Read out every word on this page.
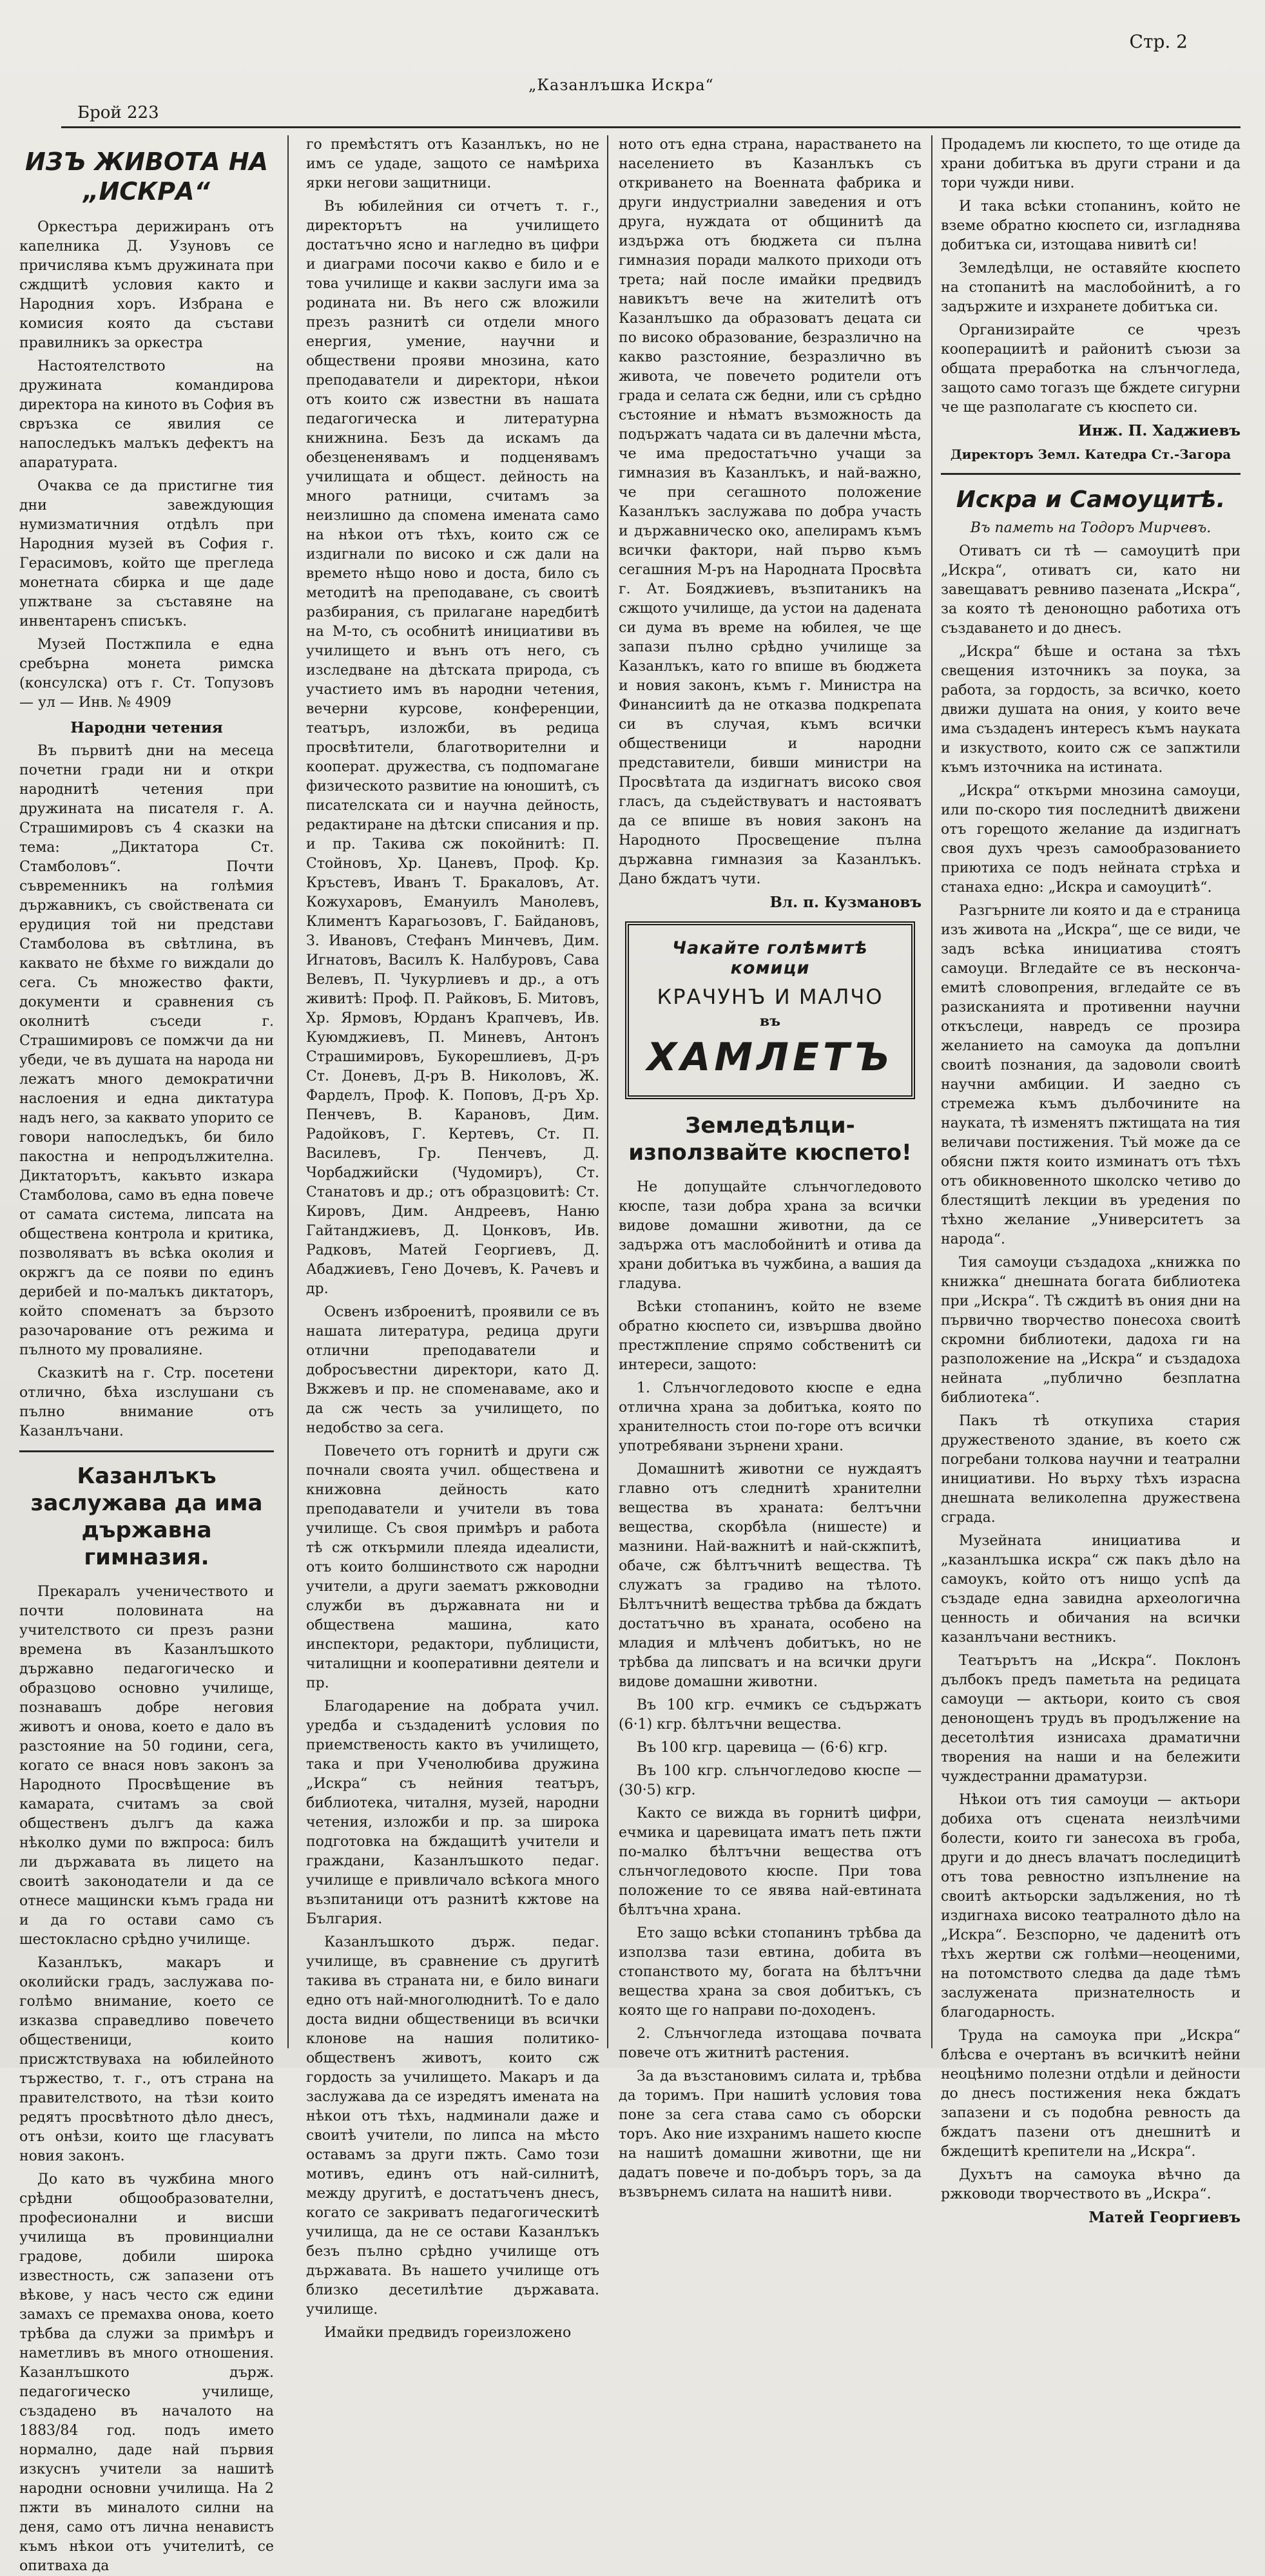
Брой 223
„Казанлъшка Искра“
Стр. 2
ИЗЪ ЖИВОТА НА
„ИСКРА“

Оркестъра дерижиранъ отъ капелника Д. Узуновъ се причислява къмъ дружината при сждщитѣ условия както и Народния хоръ. Избрана е комисия която да състави правилникъ за оркестра

Настоятелството на дружината командирова директора на киното въ София въ свръзка се явилия се напоследъкъ малъкъ дефектъ на апаратурата.

Очаква се да пристигне тия дни завеждующия нумизматичния отдѣлъ при Народния музей въ София г. Герасимовъ, който ще прегледа монетната сбирка и ще даде упжтване за съставяне на инвентаренъ списъкъ.

Музей Постжпила е една сребърна монета римска (консулска) отъ г. Ст. Топузовъ — ул — Инв. № 4909

Народни четения

Въ първитѣ дни на месеца почетни гради ни и откри народнитѣ четения при дружината на писателя г. А. Страшимировъ съ 4 сказки на тема: „Диктатора Ст. Стамболовъ“. Почти съвременникъ на голѣмия държавникъ, съ свойствената си ерудиция той ни представи Стамболова въ свѣтлина, въ каквато не бѣхме го виждали до сега. Съ множество факти, документи и сравнения съ околнитѣ съседи г. Страшимировъ се помжчи да ни убеди, че въ душата на народа ни лежатъ много демократични наслоения и една диктатура надъ него, за каквато упорито се говори напоследъкъ, би било пакостна и непродължителна. Диктаторътъ, какъвто изкара Стамболова, само въ една повече от самата система, липсата на обществена контрола и критика, позволяватъ въ всѣка околия и окржгъ да се появи по единъ дерибей и по-малъкъ диктаторъ, който споменатъ за бързото разочарование отъ режима и пълното му провалияне.

Сказкитѣ на г. Стр. посетени отлично, бѣха изслушани съ пълно внимание отъ Казанлъчани.

Казанлъкъ заслужава да има държавна гимназия.

Прекаралъ ученичеството и почти половината на учителството си презъ разни времена въ Казанлъшкото държавно педагогическо и образцово основно училище, познавашъ добре неговия животъ и онова, което е дало въ разстояние на 50 години, сега, когато се внася новъ законъ за Народното Просвѣщение въ камарата, считамъ за свой общественъ дългъ да кажа нѣколко думи по вжпроса: билъ ли държавата въ лицето на своитѣ законодатели и да се отнесе мащински къмъ града ни и да го остави само съ шестокласно срѣдно училище.

Казанлъкъ, макаръ и околийски градъ, заслужава по-голѣмо внимание, което се изказва справедливо повечето общественици, които присжтствуваха на юбилейното тържество, т. г., отъ страна на правителството, на тѣзи които редятъ просвѣтното дѣло днесъ, отъ онѣзи, които ще гласуватъ новия законъ.

До като въ чужбина много срѣдни общообразователни, професионални и висши училища въ провинциални градове, добили широка известность, сж запазени отъ вѣкове, у насъ често сж едини замахъ се премахва онова, което трѣбва да служи за примѣръ и наметливъ въ много отношения. Казанлъшкото държ. педагогическо училище, създадено въ началото на 1883/84 год. подъ името нормално, даде най първия изкуснъ учители за нашитѣ народни основни училища. На 2 пжти въ миналото силни на деня, само отъ лична ненавистъ къмъ нѣкои отъ учителитѣ, се опитваха да

го премѣстятъ отъ Казанлъкъ, но не имъ се удаде, защото се намѣриха ярки негови защитници.

Въ юбилейния си отчетъ т. г., директорътъ на училището достатъчно ясно и нагледно въ цифри и диаграми посочи какво е било и е това училище и какви заслуги има за родината ни. Въ него сж вложили презъ разнитѣ си отдели много енергия, умение, научни и обществени прояви мнозина, като преподаватели и директори, нѣкои отъ които сж известни въ нашата педагогическа и литературна книжнина. Безъ да искамъ да обезцененявамъ и подценявамъ училищата и общест. дейность на много ратници, считамъ за неизлишно да спомена имената само на нѣкои отъ тѣхъ, които сж се издигнали по високо и сж дали на времето нѣщо ново и доста, било съ методитѣ на преподаване, съ своитѣ разбирания, съ прилагане наредбитѣ на М-то, съ особнитѣ инициативи въ училището и вънъ отъ него, съ изследване на дѣтската природа, съ участието имъ въ народни четения, вечерни курсове, конференции, театъръ, изложби, въ редица просвѣтители, благотворителни и кооперат. дружества, съ подпомагане физическото развитие на юношитѣ, съ писателската си и научна дейность, редактиране на дѣтски списания и пр. и пр. Такива сж покойнитѣ: П. Стойновъ, Хр. Цаневъ, Проф. Кр. Кръстевъ, Иванъ Т. Бракаловъ, Ат. Кожухаровъ, Емануилъ Манолевъ, Климентъ Карагьозовъ, Г. Байдановъ, З. Ивановъ, Стефанъ Минчевъ, Дим. Игнатовъ, Василъ К. Налбуровъ, Сава Велевъ, П. Чукурлиевъ и др., а отъ живитѣ: Проф. П. Райковъ, Б. Митовъ, Хр. Ярмовъ, Юрданъ Крапчевъ, Ив. Куюмджиевъ, П. Миневъ, Антонъ Страшимировъ, Букорешлиевъ, Д-ръ Ст. Доневъ, Д-ръ В. Николовъ, Ж. Фарделъ, Проф. К. Поповъ, Д-ръ Хр. Пенчевъ, В. Карановъ, Дим. Радойковъ, Г. Кертевъ, Ст. П. Василевъ, Гр. Пенчевъ, Д. Чорбаджийски (Чудомиръ), Ст. Станатовъ и др.; отъ образцовитѣ: Ст. Кировъ, Дим. Андреевъ, Наню Гайтанджиевъ, Д. Цонковъ, Ив. Радковъ, Матей Георгиевъ, Д. Абаджиевъ, Гено Дочевъ, К. Рачевъ и др.

Освенъ изброенитѣ, проявили се въ нашата литература, редица други отлични преподаватели и добросъвестни директори, като Д. Вжжевъ и пр. не споменаваме, ако и да сж честь за училището, по недобство за сега.

Повечето отъ горнитѣ и други сж почнали своята учил. обществена и книжовна дейность като преподаватели и учители въ това училище. Съ своя примѣръ и работа тѣ сж откърмили плеяда идеалисти, отъ които болшинството сж народни учители, а други заематъ ржководни служби въ държавната ни и обществена машина, като инспектори, редактори, публицисти, читалищни и кооперативни деятели и пр.

Благодарение на добрата учил. уредба и създаденитѣ условия по приемственость както въ училището, така и при Ученолюбива дружина „Искра“ съ нейния театъръ, библиотека, читалня, музей, народни четения, изложби и пр. за широка подготовка на бждащитѣ учители и граждани, Казанлъшкото педаг. училище е привличало всѣкога много възпитаници отъ разнитѣ кжтове на България.

Казанлъшкото държ. педаг. училище, въ сравнение съ другитѣ такива въ страната ни, е било винаги едно отъ най-многолюднитѣ. То е дало доста видни общественици въ всички клонове на нашия политико-общественъ животъ, които сж гордость за училището. Макаръ и да заслужава да се изредятъ имената на нѣкои отъ тѣхъ, надминали даже и своитѣ учители, по липса на мѣсто оставамъ за други пжть. Само този мотивъ, единъ отъ най-силнитѣ, между другитѣ, е достатъченъ днесъ, когато се закриватъ педагогическитѣ училища, да не се остави Казанлъкъ безъ пълно срѣдно училище отъ държавата. Въ нашето училище отъ близко десетилѣтие държавата. училище.

Имайки предвидъ гореизложено

ното отъ една страна, нарастването на населението въ Казанлъкъ съ откриването на Военната фабрика и други индустриални заведения и отъ друга, нуждата от общинитѣ да издържа отъ бюджета си пълна гимназия поради малкото приходи отъ трета; най после имайки предвидъ навикътъ вече на жителитѣ отъ Казанлъшко да образоватъ децата си по високо образование, безразлично на какво разстояние, безразлично въ живота, че повечето родители отъ града и селата сж бедни, или съ срѣдно състояние и нѣматъ възможность да подържатъ чадата си въ далечни мѣста, че има предостатъчно учащи за гимназия въ Казанлъкъ, и най-важно, че при сегашното положение Казанлъкъ заслужава по добра участь и държавническо око, апелирамъ къмъ всички фактори, най първо къмъ сегашния М-ръ на Народната Просвѣта г. Ат. Бояджиевъ, възпитаникъ на сжщото училище, да устои на дадената си дума въ време на юбилея, че ще запази пълно срѣдно училище за Казанлъкъ, като го впише въ бюджета и новия законъ, къмъ г. Министра на Финансиитѣ да не отказва подкрепата си въ случая, къмъ всички общественици и народни представители, бивши министри на Просвѣтата да издигнатъ високо своя гласъ, да съдействуватъ и настояватъ да се впише въ новия законъ на Народното Просвещение пълна държавна гимназия за Казанлъкъ. Дано бждатъ чути.

Вл. п. Кузмановъ

Чакайте голѣмитѣ комици
КРАЧУНЪ И МАЛЧО
въ
ХАМЛЕТЪ
Земледѣлци- използвайте кюспето!

Не допущайте слънчогледовото кюспе, тази добра храна за всички видове домашни животни, да се задържа отъ маслобойнитѣ и отива да храни добитъка въ чужбина, а вашия да гладува.

Всѣки стопанинъ, който не вземе обратно кюспето си, извършва двойно престжпление спрямо собственитѣ си интереси, защото:

1. Слънчогледовото кюспе е една отлична храна за добитъка, която по хранителность стои по-горе отъ всички употребявани зърнени храни.

Домашнитѣ животни се нуждаятъ главно отъ следнитѣ хранителни вещества въ храната: белтъчни вещества, скорбѣла (нишесте) и мазнини. Най-важнитѣ и най-скжпитѣ, обаче, сж бѣлтъчнитѣ вещества. Тѣ служатъ за градиво на тѣлото. Бѣлтъчнитѣ вещества трѣбва да бждатъ достатъчно въ храната, особено на младия и млѣченъ добитъкъ, но не трѣбва да липсватъ и на всички други видове домашни животни.

Въ 100 кгр. ечмикъ се съдържатъ (6·1) кгр. бѣлтъчни вещества.

Въ 100 кгр. царевица — (6·6) кгр.

Въ 100 кгр. слънчогледово кюспе — (30·5) кгр.

Както се вижда въ горнитѣ цифри, ечмика и царевицата иматъ петь пжти по-малко бѣлтъчни вещества отъ слънчогледовото кюспе. При това положение то се явява най-евтината бѣлтъчна храна.

Ето защо всѣки стопанинъ трѣбва да използва тази евтина, добита въ стопанството му, богата на бѣлтъчни вещества храна за своя добитъкъ, съ която ще го направи по-доходенъ.

2. Слънчогледа изтощава почвата повече отъ житнитѣ растения.

За да възстановимъ силата и, трѣбва да торимъ. При нашитѣ условия това поне за сега става само съ оборски торъ. Ако ние изхранимъ нашето кюспе на нашитѣ домашни животни, ще ни дадатъ повече и по-добъръ торъ, за да възвърнемъ силата на нашитѣ ниви.

Продадемъ ли кюспето, то ще отиде да храни добитъка въ други страни и да тори чужди ниви.

И така всѣки стопанинъ, който не вземе обратно кюспето си, изгладнява добитъка си, изтощава нивитѣ си!

Земледѣлци, не оставяйте кюспето на стопанитѣ на маслобойнитѣ, а го задържите и изхранете добитъка си.

Организирайте се чрезъ кооперациитѣ и районитѣ съюзи за общата преработка на слънчогледа, защото само тогазъ ще бждете сигурни че ще разполагате съ кюспето си.

Инж. П. Хаджиевъ

Директоръ Земл. Катедра Ст.-Загора

Искра и Самоуцитѣ.

Въ паметь на Тодоръ Мирчевъ.

Отиватъ си тѣ — самоуцитѣ при „Искра“, отиватъ си, като ни завещаватъ ревниво пазената „Искра“, за която тѣ денонощно работиха отъ създаването и до днесъ.

„Искра“ бѣше и остана за тѣхъ свещения източникъ за поука, за работа, за гордость, за всичко, което движи душата на ония, у които вече има създаденъ интересъ къмъ науката и изкуството, които сж се запжтили къмъ източника на истината.

„Искра“ откърми мнозина самоуци, или по-скоро тия последнитѣ движени отъ горещото желание да издигнатъ своя духъ чрезъ самообразованието приютиха се подъ нейната стрѣха и станаха едно: „Искра и самоуцитѣ“.

Разгърните ли която и да е страница изъ живота на „Искра“, ще се види, че задъ всѣка инициатива стоятъ самоуци. Вгледайте се въ нескончаемитѣ словопрения, вгледайте се въ разисканията и противенни научни откъслеци, навредъ се прозира желанието на самоука да допълни своитѣ познания, да задоволи своитѣ научни амбиции. И заедно съ стремежа къмъ дълбочините на науката, тѣ изменятъ пжтищата на тия величави постижения. Тъй може да се обясни пжтя които изминатъ отъ тѣхъ отъ обикновенното школско четиво до блестящитѣ лекции въ уредения по тѣхно желание „Университетъ за народа“.

Тия самоуци създадоха „книжка по книжка“ днешната богата библиотека при „Искра“. Тѣ сждитѣ въ ония дни на първично творчество понесоха своитѣ скромни библиотеки, дадоха ги на разположение на „Искра“ и създадоха нейната „публично безплатна библиотека“.

Пакъ тѣ откупиха стария дружественото здание, въ което сж погребани толкова научни и театрални инициативи. Но върху тѣхъ израсна днешната великолепна дружествена сграда.

Музейната инициатива и „казанлъшка искра“ сж пакъ дѣло на самоукъ, който отъ нищо успѣ да създаде една завидна археологична ценность и обичания на всички казанлъчани вестникъ.

Театърътъ на „Искра“. Поклонъ дълбокъ предъ паметьта на редицата самоуци — актьори, които съ своя денонощенъ трудъ въ продължение на десетолѣтия изнисаха драматични творения на наши и на бележити чуждестранни драматурзи.

Нѣкои отъ тия самоуци — актьори добиха отъ сцената неизлѣчими болести, които ги занесоха въ гроба, други и до днесъ влачатъ последицитѣ отъ това ревностно изпълнение на своитѣ актьорски задължения, но тѣ издигнаха високо театралното дѣло на „Искра“. Безспорно, че даденитѣ отъ тѣхъ жертви сж голѣми—неоценими, на потомството следва да даде тѣмъ заслужената признателность и благодарность.

Труда на самоука при „Искра“ блѣсва е очертанъ въ всичкитѣ нейни неоцѣнимо полезни отдѣли и дейности до днесъ постижения нека бждатъ запазени и съ подобна ревность да бждатъ пазени отъ днешнитѣ и бждещитѣ крепители на „Искра“.

Духътъ на самоука вѣчно да ржководи творчеството въ „Искра“.

Матей Георгиевъ
